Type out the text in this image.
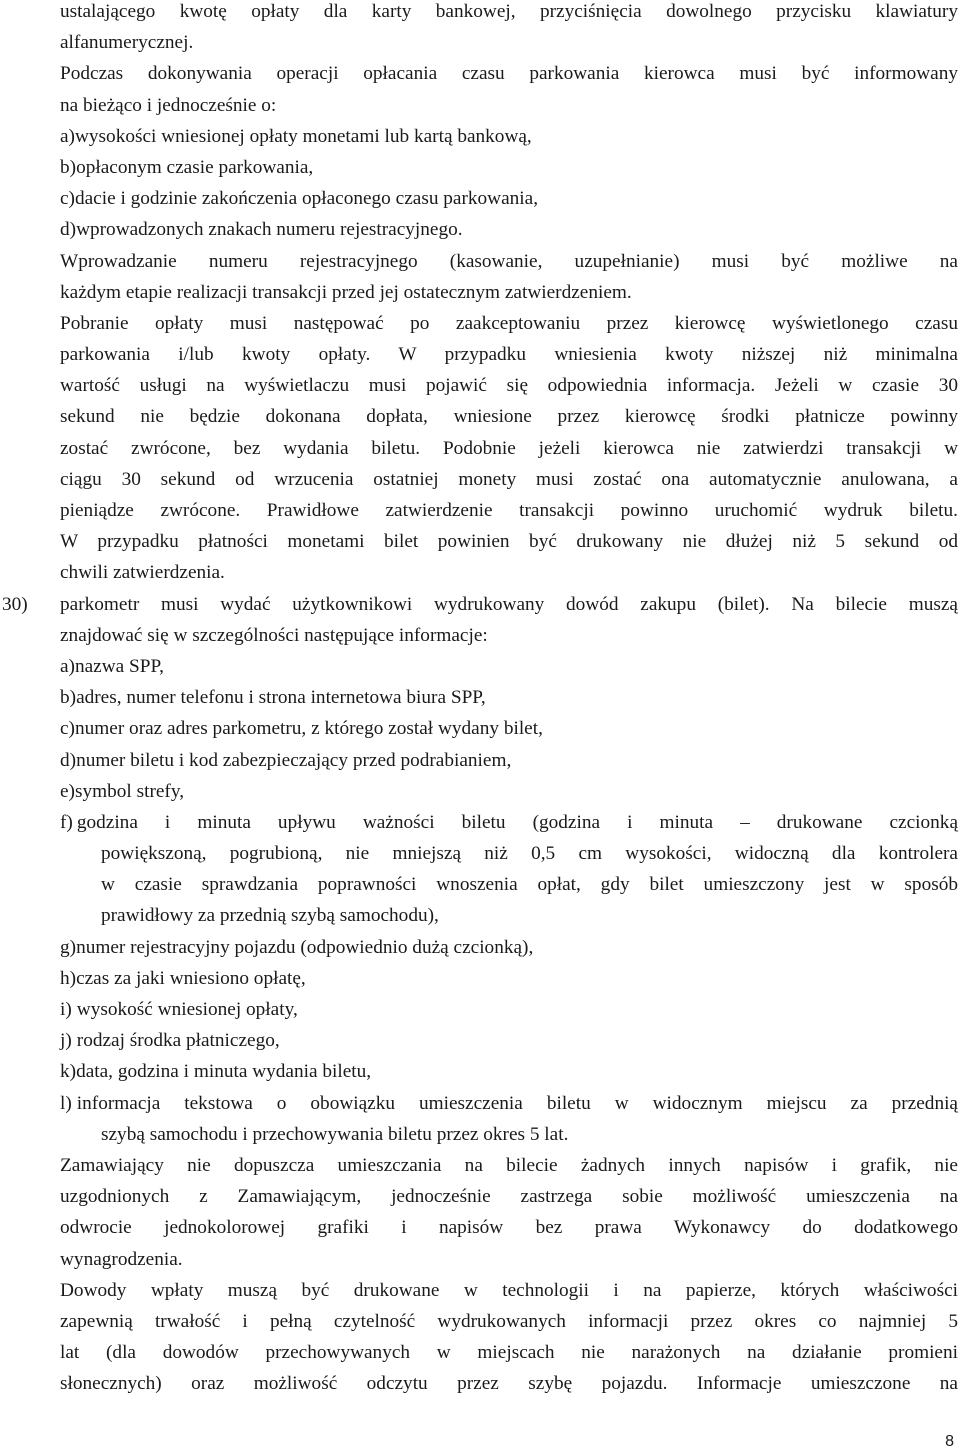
ustalającego kwotę opłaty dla karty bankowej, przyciśnięcia dowolnego przycisku klawiatury
alfanumerycznej.
Podczas dokonywania operacji opłacania czasu parkowania kierowca musi być informowany
na bieżąco i jednocześnie o:
a)wysokości wniesionej opłaty monetami lub kartą bankową,
b)opłaconym czasie parkowania,
c)dacie i godzinie zakończenia opłaconego czasu parkowania,
d)wprowadzonych znakach numeru rejestracyjnego.
Wprowadzanie numeru rejestracyjnego (kasowanie, uzupełnianie) musi być możliwe na
każdym etapie realizacji transakcji przed jej ostatecznym zatwierdzeniem.
Pobranie opłaty musi następować po zaakceptowaniu przez kierowcę wyświetlonego czasu
parkowania i/lub kwoty opłaty. W przypadku wniesienia kwoty niższej niż minimalna
wartość usługi na wyświetlaczu musi pojawić się odpowiednia informacja. Jeżeli w czasie 30
sekund nie będzie dokonana dopłata, wniesione przez kierowcę środki płatnicze powinny
zostać zwrócone, bez wydania biletu. Podobnie jeżeli kierowca nie zatwierdzi transakcji w
ciągu 30 sekund od wrzucenia ostatniej monety musi zostać ona automatycznie anulowana, a
pieniądze zwrócone. Prawidłowe zatwierdzenie transakcji powinno uruchomić wydruk biletu.
W przypadku płatności monetami bilet powinien być drukowany nie dłużej niż 5 sekund od
chwili zatwierdzenia.
30) parkometr musi wydać użytkownikowi wydrukowany dowód zakupu (bilet). Na bilecie muszą
znajdować się w szczególności następujące informacje:
a)nazwa SPP,
b)adres, numer telefonu i strona internetowa biura SPP,
c)numer oraz adres parkometru, z którego został wydany bilet,
d)numer biletu i kod zabezpieczający przed podrabianiem,
e)symbol strefy,
f) godzina i minuta upływu ważności biletu (godzina i minuta – drukowane czcionką
powiększoną, pogrubioną, nie mniejszą niż 0,5 cm wysokości, widoczną dla kontrolera
w czasie sprawdzania poprawności wnoszenia opłat, gdy bilet umieszczony jest w sposób
prawidłowy za przednią szybą samochodu),
g)numer rejestracyjny pojazdu (odpowiednio dużą czcionką),
h)czas za jaki wniesiono opłatę,
i) wysokość wniesionej opłaty,
j) rodzaj środka płatniczego,
k)data, godzina i minuta wydania biletu,
l) informacja tekstowa o obowiązku umieszczenia biletu w widocznym miejscu za przednią
szybą samochodu i przechowywania biletu przez okres 5 lat.
Zamawiający nie dopuszcza umieszczania na bilecie żadnych innych napisów i grafik, nie
uzgodnionych z Zamawiającym, jednocześnie zastrzega sobie możliwość umieszczenia na
odwrocie jednokolorowej grafiki i napisów bez prawa Wykonawcy do dodatkowego
wynagrodzenia.
Dowody wpłaty muszą być drukowane w technologii i na papierze, których właściwości
zapewnią trwałość i pełną czytelność wydrukowanych informacji przez okres co najmniej 5
lat (dla dowodów przechowywanych w miejscach nie narażonych na działanie promieni
słonecznych) oraz możliwość odczytu przez szybę pojazdu. Informacje umieszczone na
8
